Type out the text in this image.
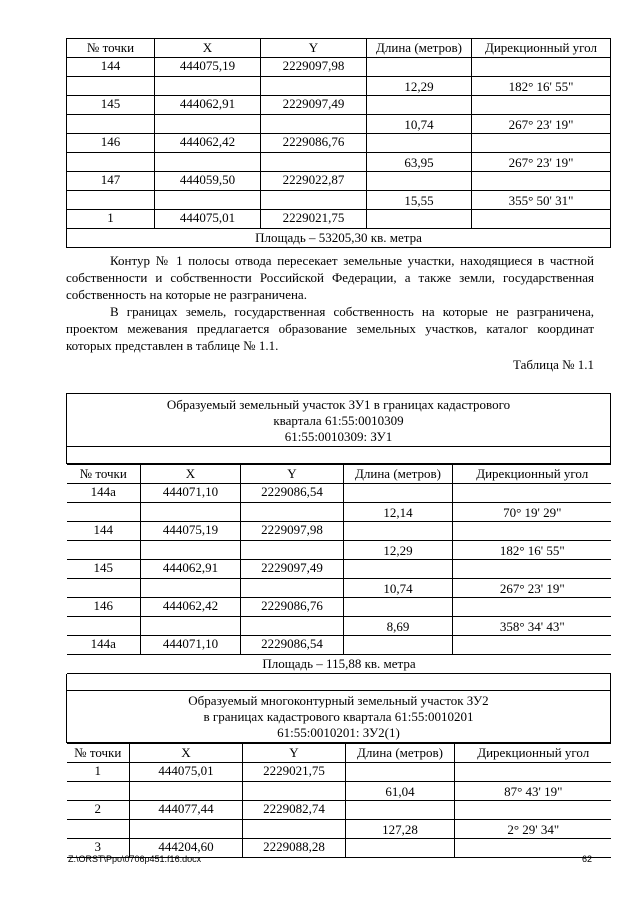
№ точки	X	Y	Длина (метров)	Дирекционный угол
144	444075,19	2229097,98		
			12,29	182° 16' 55"
145	444062,91	2229097,49		
			10,74	267° 23' 19"
146	444062,42	2229086,76		
			63,95	267° 23' 19"
147	444059,50	2229022,87		
			15,55	355° 50' 31"
1	444075,01	2229021,75		
Площадь – 53205,30 кв. метра				

Контур № 1 полосы отвода пересекает земельные участки, находящиеся в частной собственности и собственности Российской Федерации, а также земли, государственная собственность на которые не разграничена.

В границах земель, государственная собственность на которые не разграничена, проектом межевания предлагается образование земельных участков, каталог координат которых представлен в таблице № 1.1.

Таблица № 1.1
Образуемый земельный участок ЗУ1 в границах кадастрового
квартала 61:55:0010309
61:55:0010309: ЗУ1

№ точки	X	Y	Длина (метров)	Дирекционный угол
144а	444071,10	2229086,54		
			12,14	70° 19' 29"
144	444075,19	2229097,98		
			12,29	182° 16' 55"
145	444062,91	2229097,49		
			10,74	267° 23' 19"
146	444062,42	2229086,76		
			8,69	358° 34' 43"
144а	444071,10	2229086,54		
Площадь – 115,88 кв. метра

Образуемый многоконтурный земельный участок ЗУ2
в границах кадастрового квартала 61:55:0010201
61:55:0010201: ЗУ2(1)

№ точки	X	Y	Длина (метров)	Дирекционный угол
1	444075,01	2229021,75		
			61,04	87° 43' 19"
2	444077,44	2229082,74		
			127,28	2° 29' 34"
3	444204,60	2229088,28		
Z:\ORST\Ppo\0706p451.f16.docx	62
